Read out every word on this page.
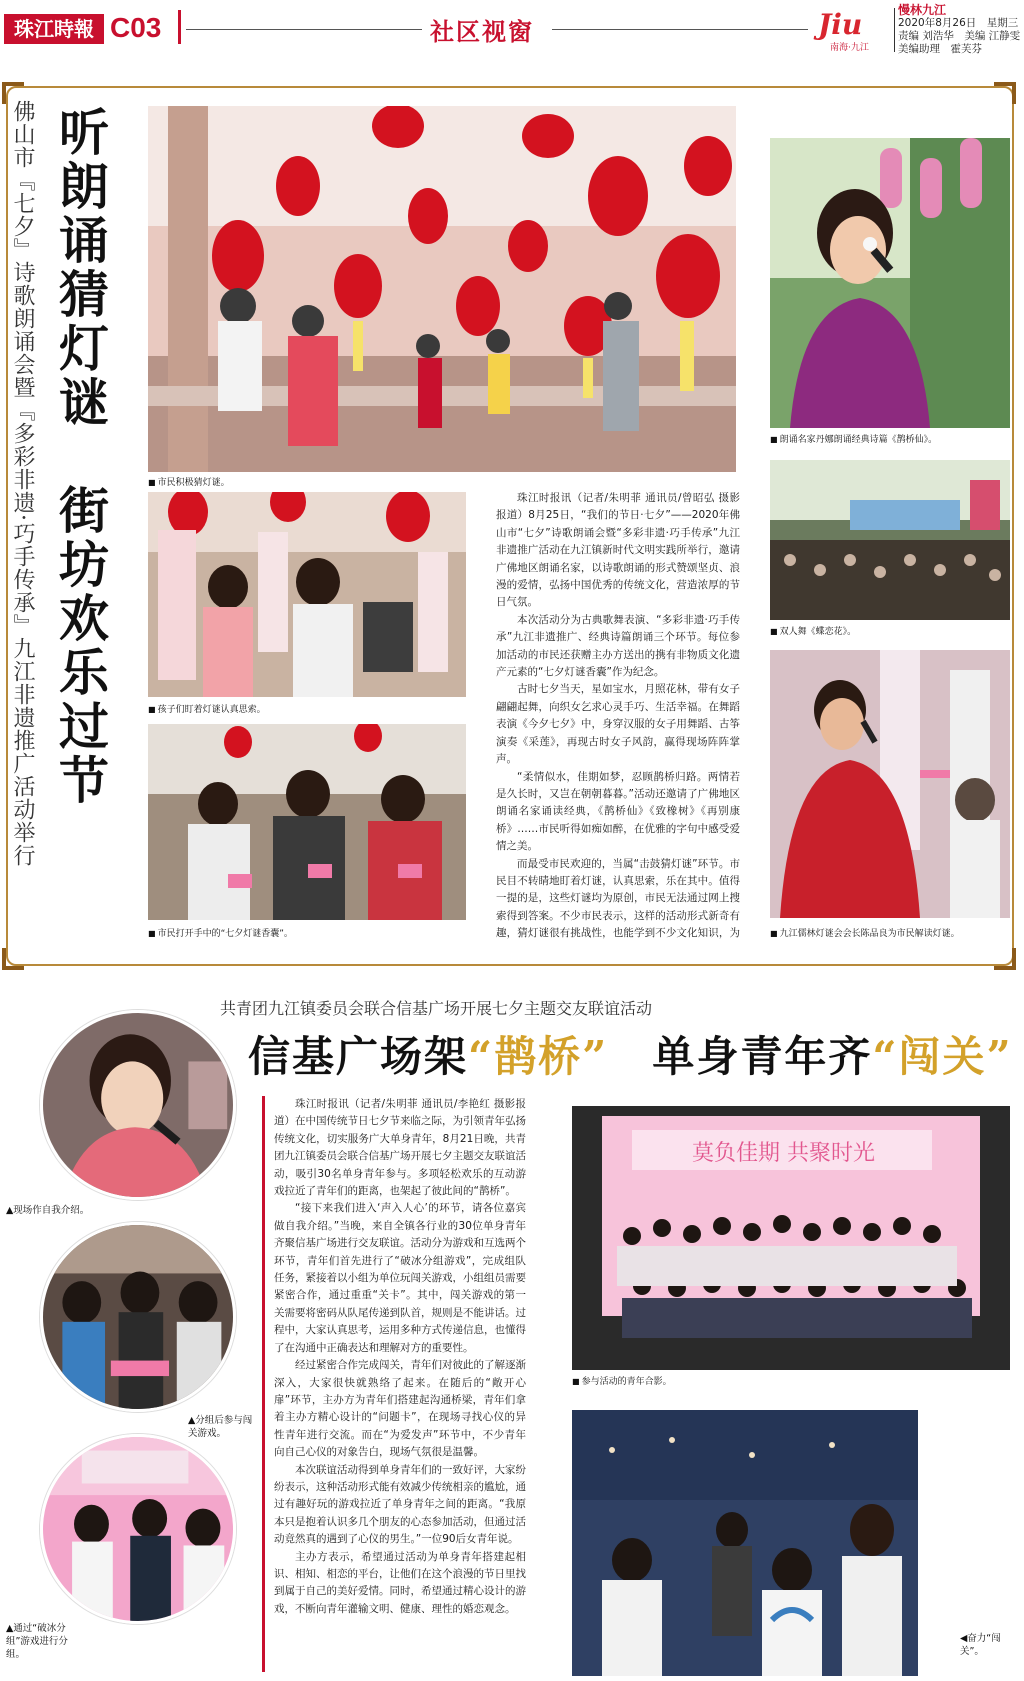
珠江時報 C03	社区视窗	Jiu
南海·九江
慢林九江
2020年8月26日　星期三
责编 刘浩华　美编 江静雯
美编助理　霍芙芬
听朗诵猜灯谜　街坊欢乐过节
佛山市『七夕』诗歌朗诵会暨『多彩非遗·巧手传承』九江非遗推广活动举行
■	市民积极猜灯谜。
■ 朗诵名家丹娜朗诵经典诗篇《鹊桥仙》。
■ 孩子们盯着灯谜认真思索。
■ 市民打开手中的“七夕灯谜香囊”。

珠江时报讯（记者/朱明菲 通讯员/曾昭弘 摄影报道）8月25日，“我们的节日·七夕”——2020年佛山市“七夕”诗歌朗诵会暨“多彩非遗·巧手传承”九江非遗推广活动在九江镇新时代文明实践所举行，邀请广佛地区朗诵名家，以诗歌朗诵的形式赞颂坚贞、浪漫的爱情，弘扬中国优秀的传统文化，营造浓厚的节日气氛。

本次活动分为古典歌舞表演、“多彩非遗·巧手传承”九江非遗推广、经典诗篇朗诵三个环节。每位参加活动的市民还获赠主办方送出的携有非物质文化遗产元素的“七夕灯谜香囊”作为纪念。

古时七夕当天，星如宝水，月照花林，带有女子翩翩起舞，向织女乞求心灵手巧、生活幸福。在舞蹈表演《今夕七夕》中，身穿汉服的女子用舞蹈、古筝演奏《采莲》，再现古时女子风韵，赢得现场阵阵掌声。

“柔情似水，佳期如梦，忍顾鹊桥归路。两情若是久长时，又岂在朝朝暮暮。”活动还邀请了广佛地区朗诵名家诵读经典，《鹊桥仙》《致橡树》《再别康桥》……市民听得如痴如醉，在优雅的字句中感受爱情之美。

而最受市民欢迎的，当属“击鼓猜灯谜”环节。市民目不转睛地盯着灯谜，认真思索，乐在其中。值得一提的是，这些灯谜均为原创，市民无法通过网上搜索得到答案。不少市民表示，这样的活动形式新奇有趣，猜灯谜很有挑战性，也能学到不少文化知识，为

■ 双人舞《蝶恋花》。
■ 九江儒林灯谜会会长陈品良为市民解读灯谜。
共青团九江镇委员会联合信基广场开展七夕主题交友联谊活动
信基广场架“鹊桥”　单身青年齐“闯关”
▲现场作自我介绍。
▲分组后参与闯关游戏。
▲通过“破冰分组”游戏进行分组。

珠江时报讯（记者/朱明菲 通讯员/李艳红 摄影报道）在中国传统节日七夕节来临之际，为引领青年弘扬传统文化，切实服务广大单身青年，8月21日晚，共青团九江镇委员会联合信基广场开展七夕主题交友联谊活动，吸引30名单身青年参与。多项轻松欢乐的互动游戏拉近了青年们的距离，也架起了彼此间的“鹊桥”。

“接下来我们进入‘声入人心’的环节，请各位嘉宾做自我介绍。”当晚，来自全镇各行业的30位单身青年齐聚信基广场进行交友联谊。活动分为游戏和互选两个环节，青年们首先进行了“破冰分组游戏”，完成组队任务，紧接着以小组为单位玩闯关游戏，小组组员需要紧密合作，通过重重“关卡”。其中，闯关游戏的第一关需要将密码从队尾传递到队首，规则是不能讲话。过程中，大家认真思考，运用多种方式传递信息，也懂得了在沟通中正确表达和理解对方的重要性。

经过紧密合作完成闯关，青年们对彼此的了解逐渐深入，大家很快就熟络了起来。在随后的“敞开心扉”环节，主办方为青年们搭建起沟通桥梁，青年们拿着主办方精心设计的“问题卡”，在现场寻找心仪的异性青年进行交流。而在“为爱发声”环节中，不少青年向自己心仪的对象告白，现场气氛很是温馨。

本次联谊活动得到单身青年们的一致好评，大家纷纷表示，这种活动形式能有效减少传统相亲的尴尬，通过有趣好玩的游戏拉近了单身青年之间的距离。“我原本只是抱着认识多几个朋友的心态参加活动，但通过活动竟然真的遇到了心仪的男生。”一位90后女青年说。

主办方表示，希望通过活动为单身青年搭建起相识、相知、相恋的平台，让他们在这个浪漫的节日里找到属于自己的美好爱情。同时，希望通过精心设计的游戏，不断向青年灌输文明、健康、理性的婚恋观念。

莫负佳期 共聚时光
■ 参与活动的青年合影。
◀奋力“闯关”。
